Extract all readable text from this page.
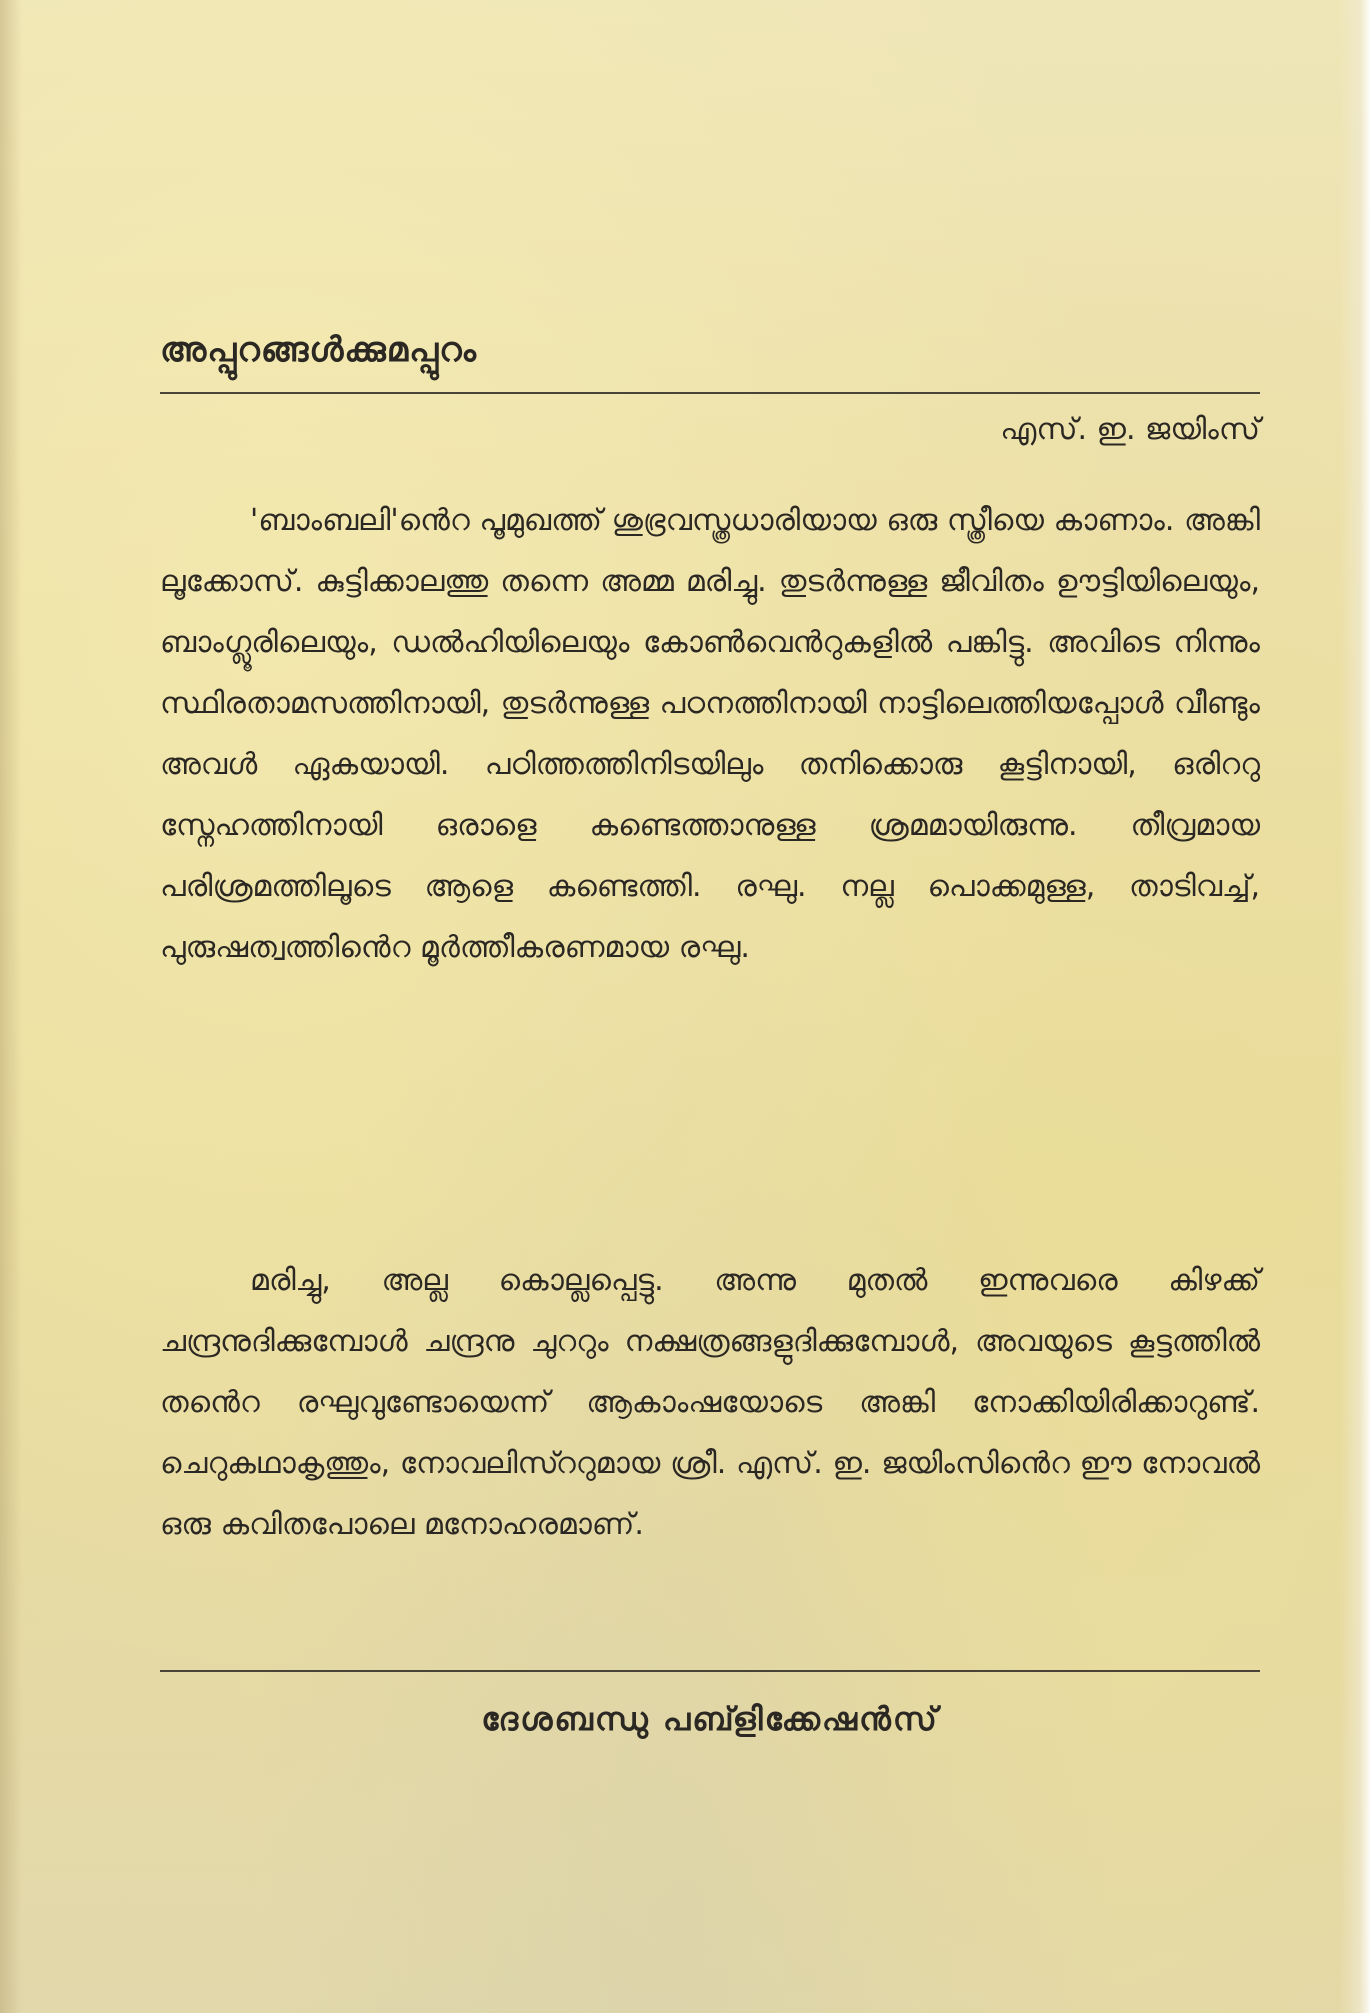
അപ്പുറങ്ങൾക്കുമപ്പുറം
എസ്. ഇ. ജയിംസ്

'ബാംബലി'ൻെറ പൂമുഖത്ത് ശുഭ്രവസ്ത്രധാരിയായ ഒരു സ്ത്രീയെ കാണാം. അങ്കി ലൂക്കോസ്. കുട്ടിക്കാലത്തു തന്നെ അമ്മ മരിച്ചു. തുടർന്നുള്ള ജീവിതം ഊട്ടിയിലെയും, ബാംഗ്ലൂരിലെയും, ഡൽഹിയിലെയും കോൺവെൻറുകളിൽ പങ്കിട്ടു. അവിടെ നിന്നും സ്ഥിരതാമസത്തിനായി, തുടർന്നുള്ള പഠനത്തിനായി നാട്ടിലെത്തിയപ്പോൾ വീണ്ടും അവൾ ഏകയായി. പഠിത്തത്തിനിടയിലും തനിക്കൊരു കൂട്ടിനായി, ഒരിററു സ്നേഹത്തിനായി ഒരാളെ കണ്ടെത്താനുള്ള ശ്രമമായിരുന്നു. തീവ്രമായ പരിശ്രമത്തിലൂടെ ആളെ കണ്ടെത്തി. രഘു. നല്ല പൊക്കമുള്ള, താടിവച്ച്, പുരുഷത്വത്തിൻെറ മൂർത്തീകരണമായ രഘു.

മരിച്ചു, അല്ല കൊല്ലപ്പെട്ടു. അന്നു മുതൽ ഇന്നുവരെ കിഴക്ക് ചന്ദ്രനുദിക്കുമ്പോൾ ചന്ദ്രനു ചുററും നക്ഷത്രങ്ങളുദിക്കുമ്പോൾ, അവയുടെ കൂട്ടത്തിൽ തൻെറ രഘുവുണ്ടോയെന്ന് ആകാംഷയോടെ അങ്കി നോക്കിയിരിക്കാറുണ്ട്. ചെറുകഥാകൃത്തും, നോവലിസ്ററുമായ ശ്രീ. എസ്. ഇ. ജയിംസിൻെറ ഈ നോവൽ ഒരു കവിതപോലെ മനോഹരമാണ്.

ദേശബന്ധു പബ്ളിക്കേഷൻസ്
